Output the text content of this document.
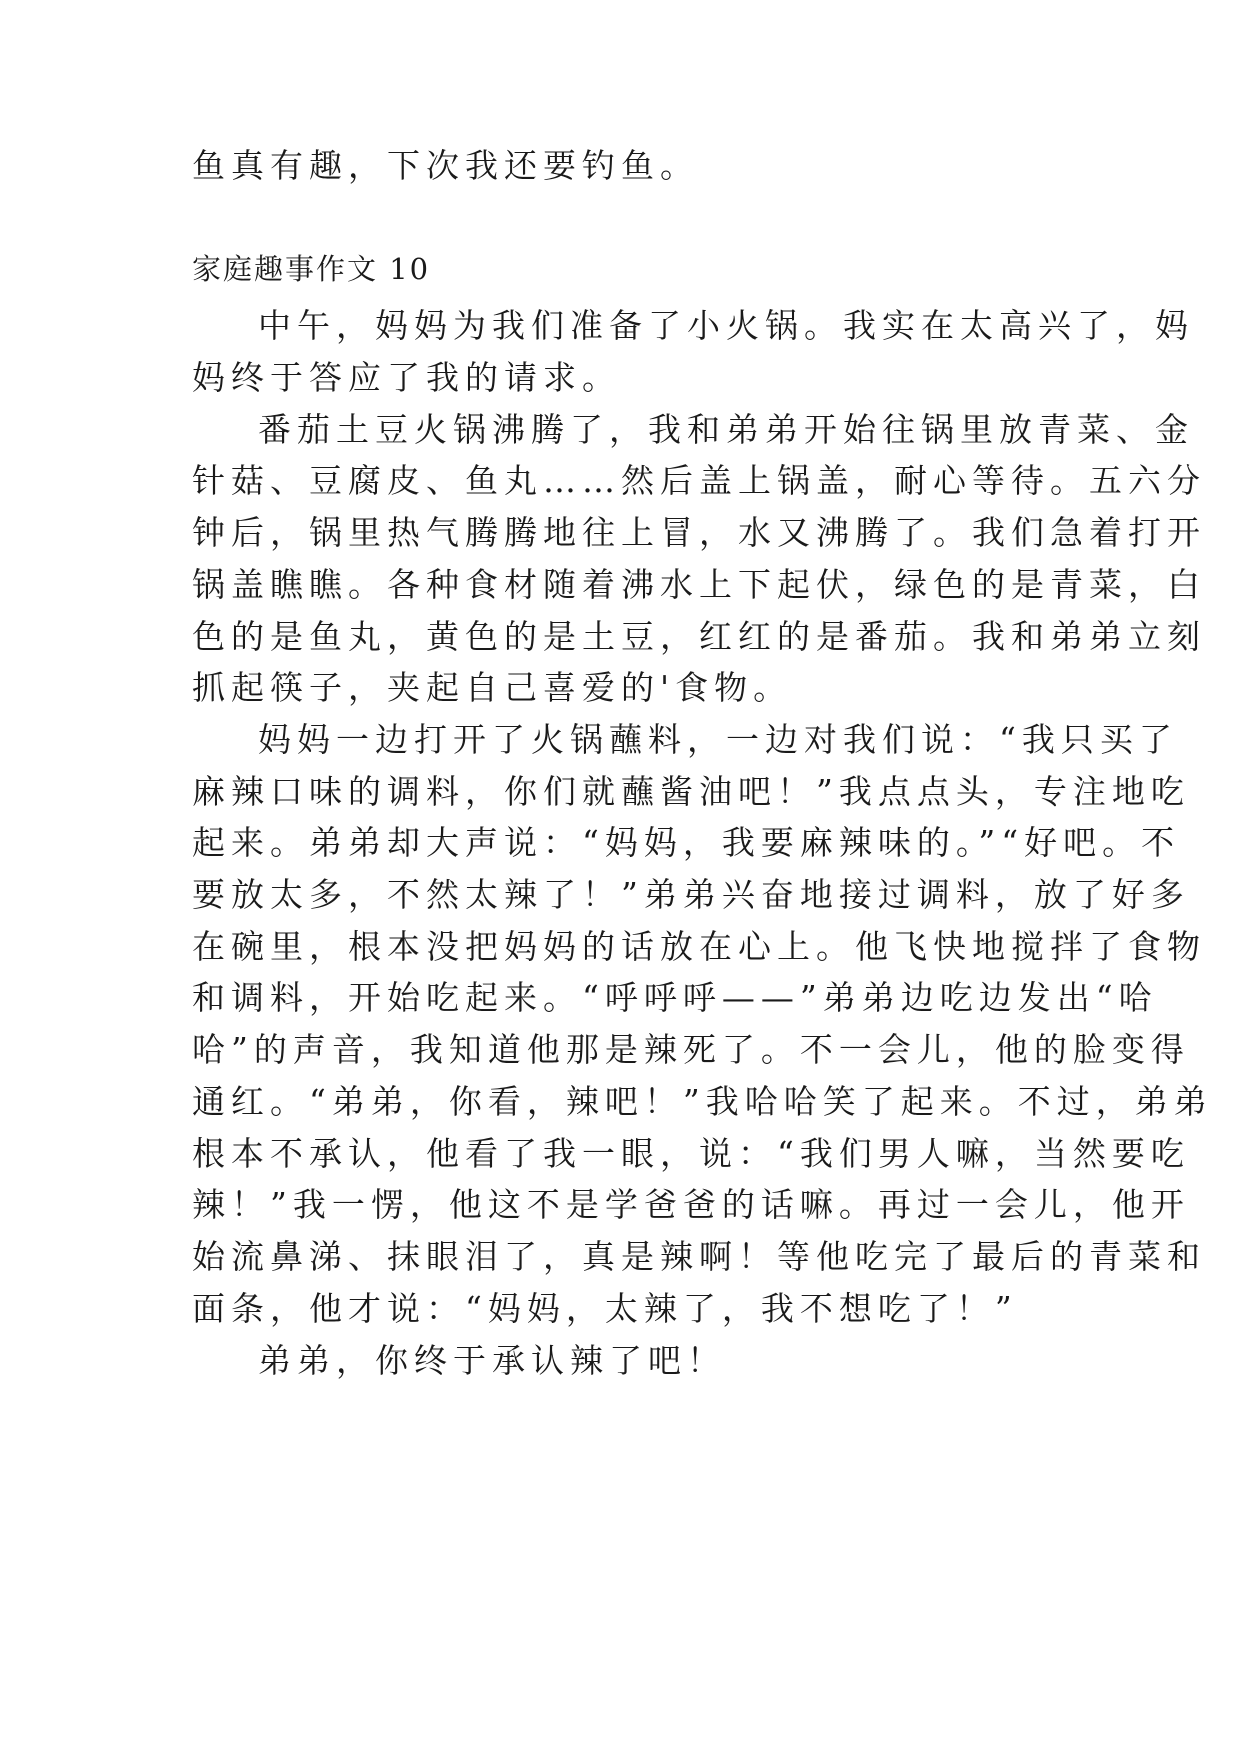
鱼真有趣，下次我还要钓鱼。
家庭趣事作文 10
中午，妈妈为我们准备了小火锅。我实在太高兴了，妈
妈终于答应了我的请求。
番茄土豆火锅沸腾了，我和弟弟开始往锅里放青菜、金
针菇、豆腐皮、鱼丸……然后盖上锅盖，耐心等待。五六分
钟后，锅里热气腾腾地往上冒，水又沸腾了。我们急着打开
锅盖瞧瞧。各种食材随着沸水上下起伏，绿色的是青菜，白
色的是鱼丸，黄色的是土豆，红红的是番茄。我和弟弟立刻
抓起筷子，夹起自己喜爱的'食物。
妈妈一边打开了火锅蘸料，一边对我们说：“我只买了
麻辣口味的调料，你们就蘸酱油吧！”我点点头，专注地吃
起来。弟弟却大声说：“妈妈，我要麻辣味的。”“好吧。不
要放太多，不然太辣了！”弟弟兴奋地接过调料，放了好多
在碗里，根本没把妈妈的话放在心上。他飞快地搅拌了食物
和调料，开始吃起来。“呼呼呼——”弟弟边吃边发出“哈
哈”的声音，我知道他那是辣死了。不一会儿，他的脸变得
通红。“弟弟，你看，辣吧！”我哈哈笑了起来。不过，弟弟
根本不承认，他看了我一眼，说：“我们男人嘛，当然要吃
辣！”我一愣，他这不是学爸爸的话嘛。再过一会儿，他开
始流鼻涕、抹眼泪了，真是辣啊！等他吃完了最后的青菜和
面条，他才说：“妈妈，太辣了，我不想吃了！”
弟弟，你终于承认辣了吧！
